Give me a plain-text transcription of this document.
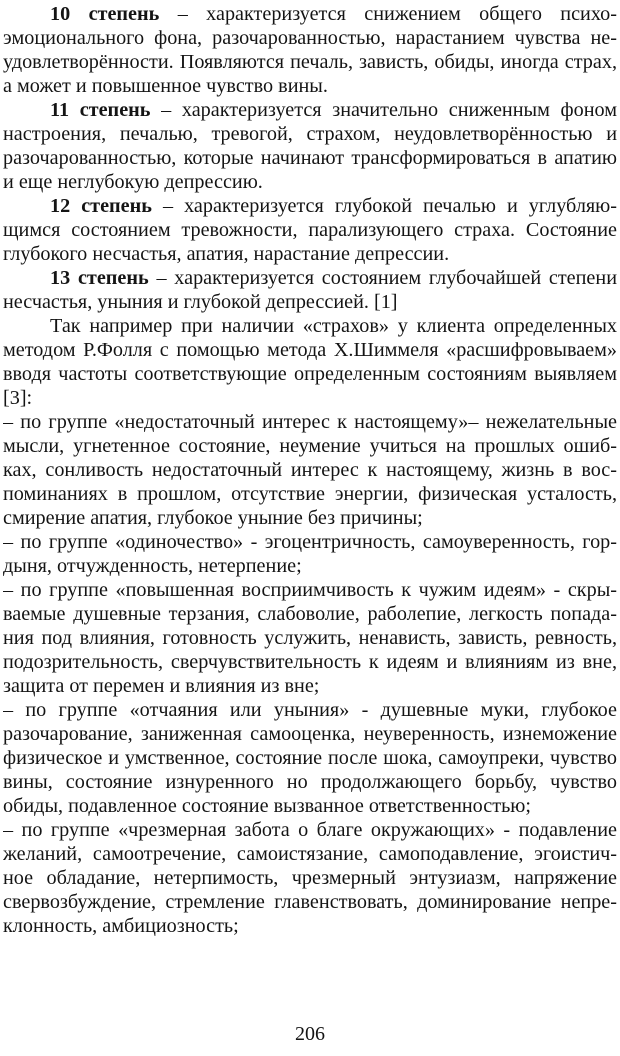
10 степень – характеризуется снижением общего психо-
эмоционального фона, разочарованностью, нарастанием чувства не-
удовлетворённости. Появляются печаль, зависть, обиды, иногда страх,
а может и повышенное чувство вины.
11 степень – характеризуется значительно сниженным фоном
настроения, печалью, тревогой, страхом, неудовлетворённостью и
разочарованностью, которые начинают трансформироваться в апатию
и еще неглубокую депрессию.
12 степень – характеризуется глубокой печалью и углубляю-
щимся состоянием тревожности, парализующего страха. Состояние
глубокого несчастья, апатия, нарастание депрессии.
13 степень – характеризуется состоянием глубочайшей степени
несчастья, уныния и глубокой депрессией. [1]
Так например при наличии «страхов» у клиента определенных
методом Р.Фолля с помощью метода Х.Шиммеля «расшифровываем»
вводя частоты соответствующие определенным состояниям выявляем
[3]:
– по группе «недостаточный интерес к настоящему»– нежелательные
мысли, угнетенное состояние, неумение учиться на прошлых ошиб-
ках, сонливость недостаточный интерес к настоящему, жизнь в вос-
поминаниях в прошлом, отсутствие энергии, физическая усталость,
смирение апатия, глубокое уныние без причины;
– по группе «одиночество» - эгоцентричность, самоуверенность, гор-
дыня, отчужденность, нетерпение;
– по группе «повышенная восприимчивость к чужим идеям» - скры-
ваемые душевные терзания, слабоволие, раболепие, легкость попада-
ния под влияния, готовность услужить, ненависть, зависть, ревность,
подозрительность, сверчувствительность к идеям и влияниям из вне,
защита от перемен и влияния из вне;
– по группе «отчаяния или уныния» - душевные муки, глубокое
разочарование, заниженная самооценка, неуверенность, изнеможение
физическое и умственное, состояние после шока, самоупреки, чувство
вины, состояние изнуренного но продолжающего борьбу, чувство
обиды, подавленное состояние вызванное ответственностью;
– по группе «чрезмерная забота о благе окружающих» - подавление
желаний, самоотречение, самоистязание, самоподавление, эгоистич-
ное обладание, нетерпимость, чрезмерный энтузиазм, напряжение
свервозбуждение, стремление главенствовать, доминирование непре-
клонность, амбициозность;
206
